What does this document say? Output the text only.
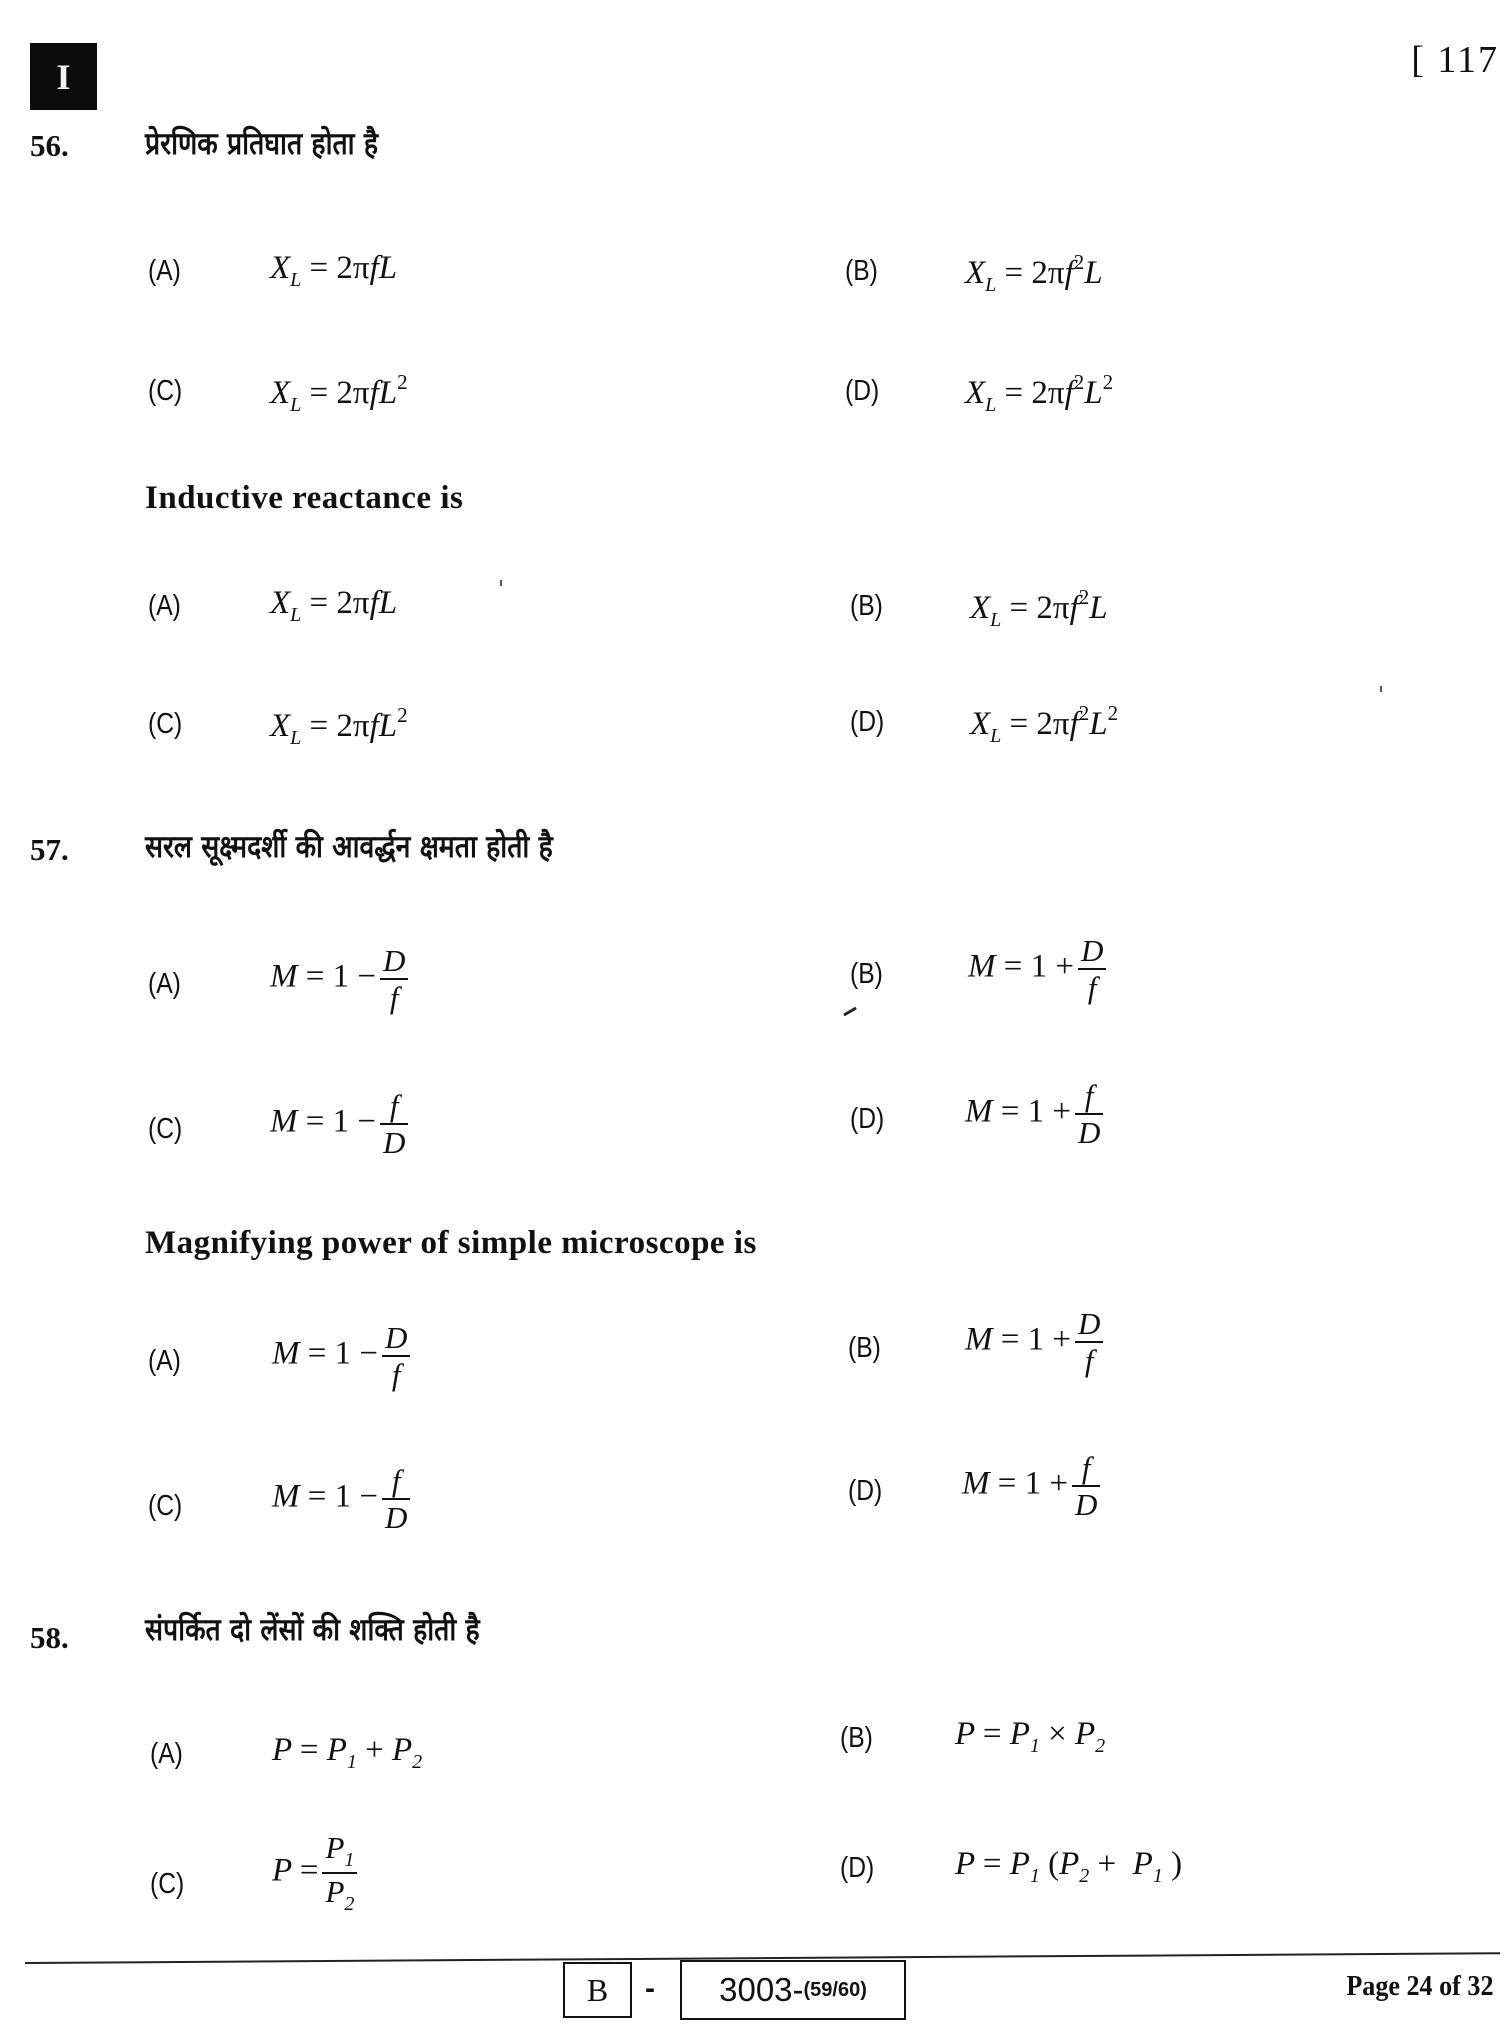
I	[ 117
56. प्रेरणिक प्रतिघात होता है
(A)	$X_L = 2\pi fL$	(B)	$X_L = 2\pi f^2L$
(C)	$X_L = 2\pi fL^2$	(D)	$X_L = 2\pi f^2L^2$
Inductive reactance is
(A)	$X_L = 2\pi fL$	(B)	$X_L = 2\pi f^2L$
(C)	$X_L = 2\pi fL^2$	(D)	$X_L = 2\pi f^2L^2$
57. सरल सूक्ष्मदर्शी की आवर्द्धन क्षमता होती है
(A)	$M = 1 - \frac{D}{f}$	(B)	$M = 1 + \frac{D}{f}$
(C)	$M = 1 - \frac{f}{D}$	(D) $M = 1 + \frac{f}{D}$
Magnifying power of simple microscope is
(A)	$M = 1 - \frac{D}{f}$	(B)	$M = 1 + \frac{D}{f}$
(C)	$M = 1 - \frac{f}{D}$	(D) $M = 1 + \frac{f}{D}$
58. संपर्कित दो लेंसों की शक्ति होती है
(A)	$P = P_1 + P_2$
(B) $P = P_1 \times P_2$
(C)	$P = \frac{P_1}{P_2}$	(D) $P = P_1$ ($P_2 + P_1$ )
B - 3003- (59/60)	Page 24 of 32
